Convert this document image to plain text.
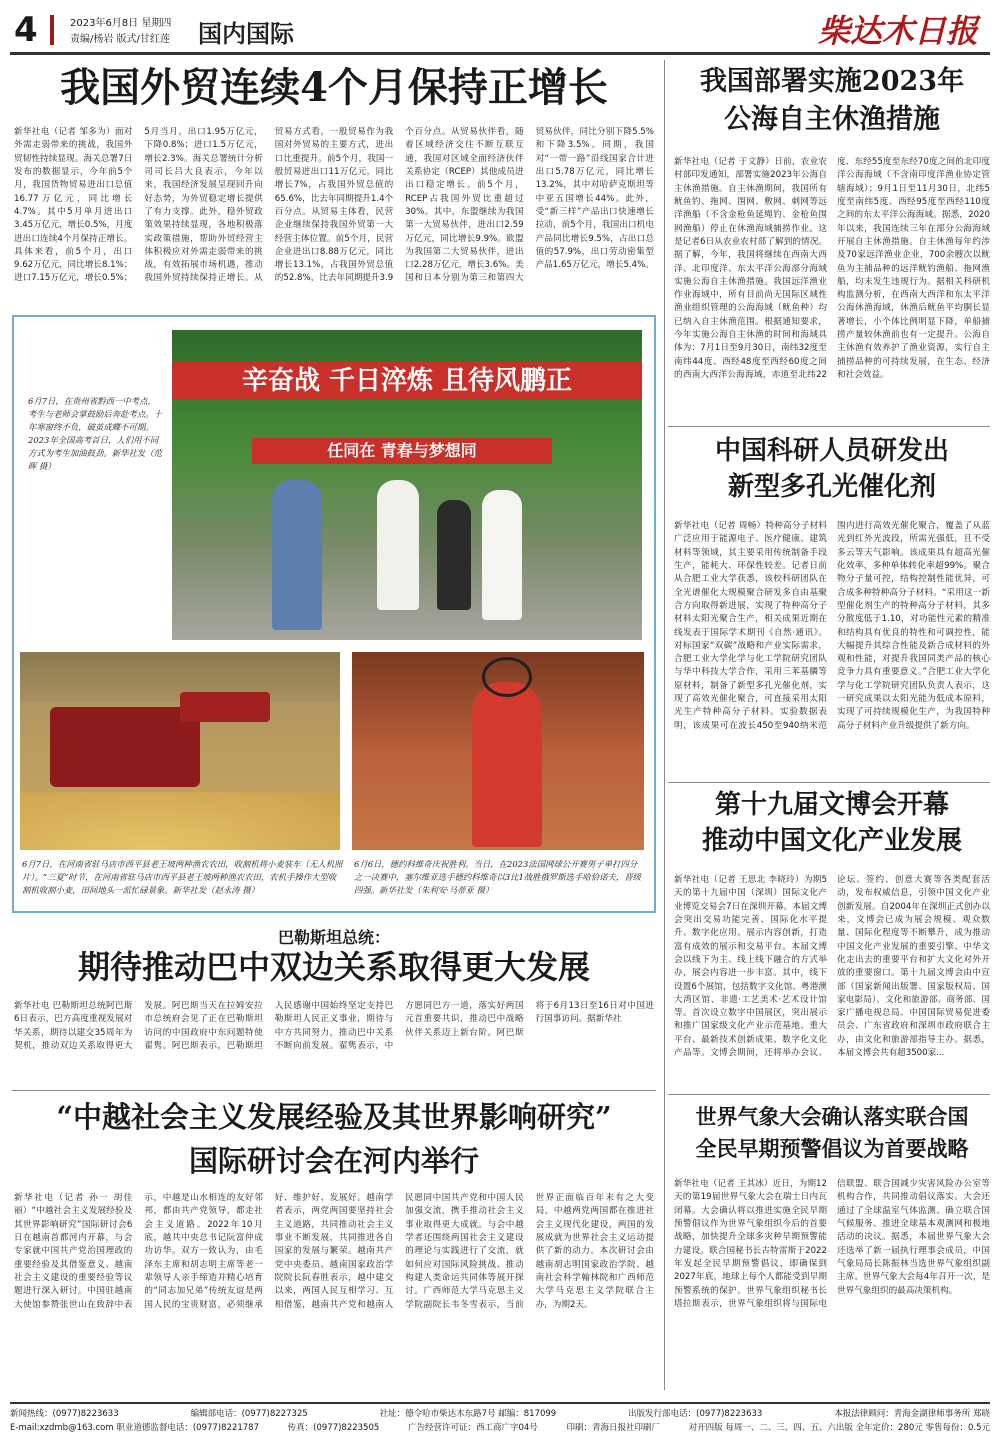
4	2023年6月8日 星期四
责编/杨岩 版式/甘红莲 国内国际	柴达木日报
我国外贸连续4个月保持正增长
新华社电（记者 邹多为）面对外需走弱带来的挑战，我国外贸韧性持续显现。海关总署7日发布的数据显示，今年前5个月，我国货物贸易进出口总值16.77万亿元，同比增长4.7%。其中5月单月进出口3.45万亿元，增长0.5%，月度进出口连续4个月保持正增长。具体来看，前5个月，出口9.62万亿元，同比增长8.1%；进口7.15万亿元，增长0.5%；5月当月，出口1.95万亿元，下降0.8%；进口1.5万亿元，增长2.3%。海关总署统计分析司司长吕大良表示，今年以来，我国经济发展呈现回升向好态势，为外贸稳定增长提供了有力支撑。此外，稳外贸政策效果持续显现，各地积极落实政策措施，帮助外贸经营主体积极应对外需走弱带来的挑战，有效拓展市场机遇，推动我国外贸持续保持正增长。从贸易方式看，一般贸易作为我国对外贸易的主要方式，进出口比重提升。前5个月，我国一般贸易进出口11万亿元，同比增长7%，占我国外贸总值的65.6%，比去年同期提升1.4个百分点。从贸易主体看，民营企业继续保持我国外贸第一大经营主体位置。前5个月，民营企业进出口8.88万亿元，同比增长13.1%，占我国外贸总值的52.8%，比去年同期提升3.9个百分点。从贸易伙伴看，随着区域经济交往不断互联互通，我国对区域全面经济伙伴关系协定（RCEP）其他成员进出口稳定增长。前5个月，RCEP占我国外贸比重超过30%。其中，东盟继续为我国第一大贸易伙伴，进出口2.59万亿元，同比增长9.9%。欧盟为我国第二大贸易伙伴，进出口2.28万亿元，增长3.6%。美国和日本分别为第三和第四大贸易伙伴，同比分别下降5.5%和下降3.5%。同期，我国对“一带一路”沿线国家合计进出口5.78万亿元，同比增长13.2%，其中对哈萨克斯坦等中亚五国增长44%。此外，受“新三样”产品出口快速增长拉动，前5个月，我国出口机电产品同比增长9.5%，占出口总值的57.9%，出口劳动密集型产品1.65万亿元，增长5.4%。
我国部署实施2023年
公海自主休渔措施
新华社电（记者 于文静）日前，农业农村部印发通知，部署实施2023年公海自主休渔措施。自主休渔期间，我国所有鱿鱼钓、拖网、围网、敷网、刺网等远洋渔船（不含金枪鱼延绳钓、金枪鱼围网渔船）停止在休渔海域捕捞作业。这是记者6日从农业农村部了解到的情况。据了解，今年，我国将继续在西南大西洋、北印度洋、东太平洋公海部分海域实施公海自主休渔措施。我国远洋渔业作业海域中，所有目前尚无国际区域性渔业组织管理的公海海域（鱿鱼种）均已纳入自主休渔范围。根据通知要求，今年实施公海自主休渔的时间和海域具体为：7月1日至9月30日，南纬32度至南纬44度、西经48度至西经60度之间的西南大西洋公海海域，赤道至北纬22度、东经55度至东经70度之间的北印度洋公海海域（不含南印度洋渔业协定管辖海域）；9月1日至11月30日，北纬5度至南纬5度、西经95度至西经110度之间的东太平洋公海海域。据悉，2020年以来，我国连续三年在部分公海海域开展自主休渔措施。自主休渔每年约涉及70家远洋渔业企业，700余艘次以鱿鱼为主捕品种的远洋鱿钓渔船、拖网渔船，均未发生违规行为。据相关科研机构监测分析，在西南大西洋和东太平洋公海休渔海域，休渔后鱿鱼平均胴长显著增长，小个体比例明显下降，单船捕捞产量较休渔前也有一定提升。公海自主休渔有效养护了渔业资源，实行自主捕捞品种的可持续发展，在生态、经济和社会效益。
辛奋战 千日淬炼 且待风鹏正
任同在 青春与梦想同
6月7日，在贵州省黔西一中考点，考生与老师会掌鼓励后奔赴考点。十年寒窗终不负，破茧成蝶不可期。2023年全国高考首日，人们用不同方式为考生加油鼓劲。新华社发（范晖 摄）
6月7日，在河南省驻马店市西平县老王坡两种渔农农田，收割机将小麦装车（无人机照片）。“三夏”时节，在河南省驻马店市西平县老王坡两种渔农农田，农机手操作大型收割机收割小麦，田间地头一派忙碌景象。新华社发（赵永涛 摄）
6月6日，德约科维奇庆祝胜利。当日，在2023法国网球公开赛男子单打四分之一决赛中，塞尔维亚选手德约科维奇以3比1战胜俄罗斯选手哈恰诺夫，晋级四强。新华社发（朱利安·马蒂亚 摄）
巴勒斯坦总统：
期待推动巴中双边关系取得更大发展
新华社电 巴勒斯坦总统阿巴斯6日表示，巴方高度重视发展对华关系，期待以建交35周年为契机，推动双边关系取得更大发展。阿巴斯当天在拉姆安拉市总统府会见了正在巴勒斯坦访问的中国政府中东问题特使翟隽。阿巴斯表示，巴勒斯坦人民感谢中国始终坚定支持巴勒斯坦人民正义事业，期待与中方共同努力，推动巴中关系不断向前发展。翟隽表示，中方愿同巴方一道，落实好两国元首重要共识，推动巴中战略伙伴关系迈上新台阶。阿巴斯将于6月13日至16日对中国进行国事访问。据新华社
“中越社会主义发展经验及其世界影响研究”
国际研讨会在河内举行
新华社电（记者 孙一 胡佳丽）“中越社会主义发展经验及其世界影响研究”国际研讨会6日在越南首都河内开幕，与会专家就中国共产党治国理政的重要经验及其借鉴意义、越南社会主义建设的重要经验等议题进行深入研讨。中国驻越南大使馆参赞张世山在致辞中表示，中越是山水相连的友好邻邦，都由共产党领导，都走社会主义道路。2022年10月底，越共中央总书记阮富仲成功访华。双方一致认为，由毛泽东主席和胡志明主席等老一辈领导人亲手缔造并精心培育的“同志加兄弟”传统友谊是两国人民的宝贵财富，必须继承好、维护好、发展好。越南学者表示，两党两国要坚持社会主义道路，共同推动社会主义事业不断发展，共同推进各自国家的发展与繁荣。越南共产党中央委员、越南国家政治学院院长阮春胜表示，越中建交以来，两国人民互相学习、互相借鉴，越南共产党和越南人民愿同中国共产党和中国人民加强交流，携手推动社会主义事业取得更大成就。与会中越学者还围绕两国社会主义建设的理论与实践进行了交流，就如何应对国际风险挑战、推动构建人类命运共同体等展开探讨。广西师范大学马克思主义学院副院长韦冬雪表示，当前世界正面临百年未有之大变局，中越两党两国都在推进社会主义现代化建设，两国的发展成就为世界社会主义运动提供了新的动力。本次研讨会由越南胡志明国家政治学院、越南社会科学翰林院和广西师范大学马克思主义学院联合主办，为期2天。
中国科研人员研发出
新型多孔光催化剂
新华社电（记者 周畅）特种高分子材料广泛应用于能源电子、医疗健康、建筑材料等领域，其主要采用传统制备手段生产，能耗大、环保性较差。记者日前从合肥工业大学获悉，该校科研团队在全光谱催化大规模聚合研发多自由基聚合方向取得新进展，实现了特种高分子材料太阳光聚合生产，相关成果近期在线发表于国际学术期刊《自然·通讯》。对标国家“双碳”战略和产业实际需求，合肥工业大学化学与化工学院研究团队与华中科技大学合作，采用三苯基膦等原材料，制备了新型多孔光催化剂，实现了高效光催化聚合，可直接采用太阳光生产特种高分子材料。实验数据表明，该成果可在波长450至940纳米范围内进行高效光催化聚合，覆盖了从蓝光到红外光波段，所需光强低，且不受多云等天气影响。该成果具有超高光催化效率，多种单体转化率超99%。聚合物分子量可控，结构控制性能优异，可合成多种特种高分子材料。“采用这一新型催化剂生产的特种高分子材料，其多分散度低于1.10，对功能性元素的精准和结构具有优良的特性和可调控性，能大幅提升其综合性能及新合成材料的外观和性能，对提升我国同类产品的核心竞争力具有重要意义。”合肥工业大学化学与化工学院研究团队负责人表示，这一研究成果以太阳光能为低成本原料，实现了可持续规模化生产，为我国特种高分子材料产业升级提供了新方向。
第十九届文博会开幕
推动中国文化产业发展
新华社电（记者 王思北 李晓玲）为期5天的第十九届中国（深圳）国际文化产业博览交易会7日在深圳开幕。本届文博会突出交易功能完善、国际化水平提升、数字化应用、展示内容创新，打造富有成效的展示和交易平台。本届文博会以线下为主、线上线下融合的方式举办，展会内容进一步丰富。其中，线下设置6个展馆，包括数字文化馆、粤港澳大湾区馆、非遗·工艺美术·艺术设计馆等。首次设立数字中国展区，突出展示和推广国家级文化产业示范基地、重大平台、最新技术创新成果、数字化文化产品等。文博会期间，还将举办会议、论坛、签约、创意大赛等各类配套活动，发布权威信息，引领中国文化产业创新发展。自2004年在深圳正式创办以来，文博会已成为展会规模、观众数量、国际化程度等不断攀升，成为推动中国文化产业发展的重要引擎、中华文化走出去的重要平台和扩大文化对外开放的重要窗口。第十九届文博会由中宣部（国家新闻出版署、国家版权局、国家电影局）、文化和旅游部、商务部、国家广播电视总局、中国国际贸易促进委员会、广东省政府和深圳市政府联合主办，由文化和旅游部指导主办。据悉，本届文博会共有超3500家...
世界气象大会确认落实联合国
全民早期预警倡议为首要战略
新华社电（记者 王其冰）近日，为期12天的第19届世界气象大会在瑞士日内瓦闭幕。大会确认将以推进实施全民早期预警倡议作为世界气象组织今后的首要战略，加快提升全球多灾种早期预警能力建设。联合国秘书长古特雷斯于2022年发起全民早期预警倡议，即确保到2027年底，地球上每个人都能受到早期预警系统的保护。世界气象组织秘书长塔拉斯表示，世界气象组织将与国际电信联盟、联合国减少灾害风险办公室等机构合作，共同推动倡议落实。大会还通过了全球温室气体监测、确立联合国气候服务、推进全球基本观测网和极地活动的决议。据悉，本届世界气象大会还选举了新一届执行理事会成员，中国气象局局长陈振林当选世界气象组织副主席。世界气象大会每4年召开一次，是世界气象组织的最高决策机构。
新闻热线：(0977)8223633	编辑部电话：(0977)8227325	社址：德令哈市柴达木东路7号 邮编：817099	出版发行部电话：(0977)8223633	本报法律顾问：青海金湖律师事务所 郑晓
E-mail:xzdmb@163.com 职业道德监督电话：(0977)8221787	传真：(0977)8223505	广告经营许可证：西工商广字04号	印刷：青海日报社印刷厂	对开四版 每周一、二、三、四、五、六出版 全年定价：280元 零售每份：0.5元
